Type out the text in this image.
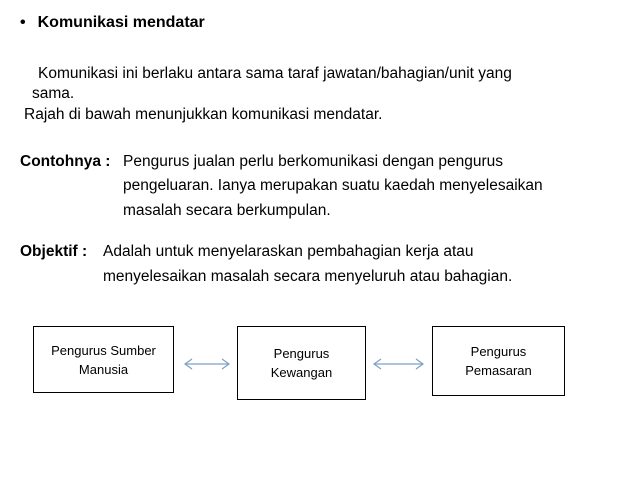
• Komunikasi mendatar
Komunikasi ini berlaku antara sama taraf jawatan/bahagian/unit yang
sama.
Rajah di bawah menunjukkan komunikasi mendatar.
Contohnya : Pengurus jualan perlu berkomunikasi dengan pengurus
pengeluaran. Ianya merupakan suatu kaedah menyelesaikan
masalah secara berkumpulan.
Objektif : Adalah untuk menyelaraskan pembahagian kerja atau
menyelesaikan masalah secara menyeluruh atau bahagian.
Pengurus Sumber
Manusia
Pengurus
Kewangan
Pengurus
Pemasaran
